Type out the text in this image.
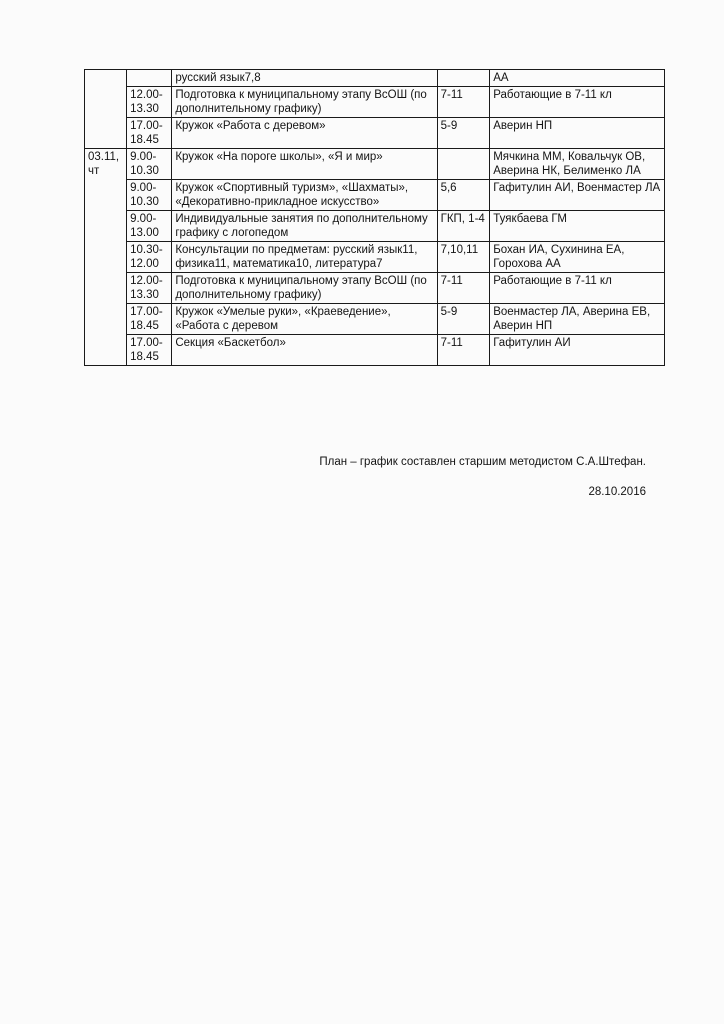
		русский язык7,8		АА
	12.00-13.30	Подготовка к муниципальному этапу ВсОШ (по дополнительному графику)	7-11	Работающие в 7-11 кл
	17.00-18.45	Кружок «Работа с деревом»	5-9	Аверин НП
03.11, чт	9.00-10.30	Кружок «На пороге школы», «Я и мир»		Мячкина ММ, Ковальчук ОВ, Аверина НК, Белименко ЛА
	9.00-10.30	Кружок «Спортивный туризм», «Шахматы», «Декоративно-прикладное искусство»	5,6	Гафитулин АИ, Военмастер ЛА
	9.00-13.00	Индивидуальные занятия по дополнительному графику с логопедом	ГКП, 1-4	Туякбаева ГМ
	10.30-12.00	Консультации по предметам: русский язык11, физика11, математика10, литература7	7,10,11	Бохан ИА, Сухинина ЕА, Горохова АА
	12.00-13.30	Подготовка к муниципальному этапу ВсОШ (по дополнительному графику)	7-11	Работающие в 7-11 кл
	17.00-18.45	Кружок «Умелые руки», «Краеведение», «Работа с деревом	5-9	Военмастер ЛА, Аверина ЕВ, Аверин НП
	17.00-18.45	Секция «Баскетбол»	7-11	Гафитулин АИ
План – график составлен старшим методистом С.А.Штефан.
28.10.2016
